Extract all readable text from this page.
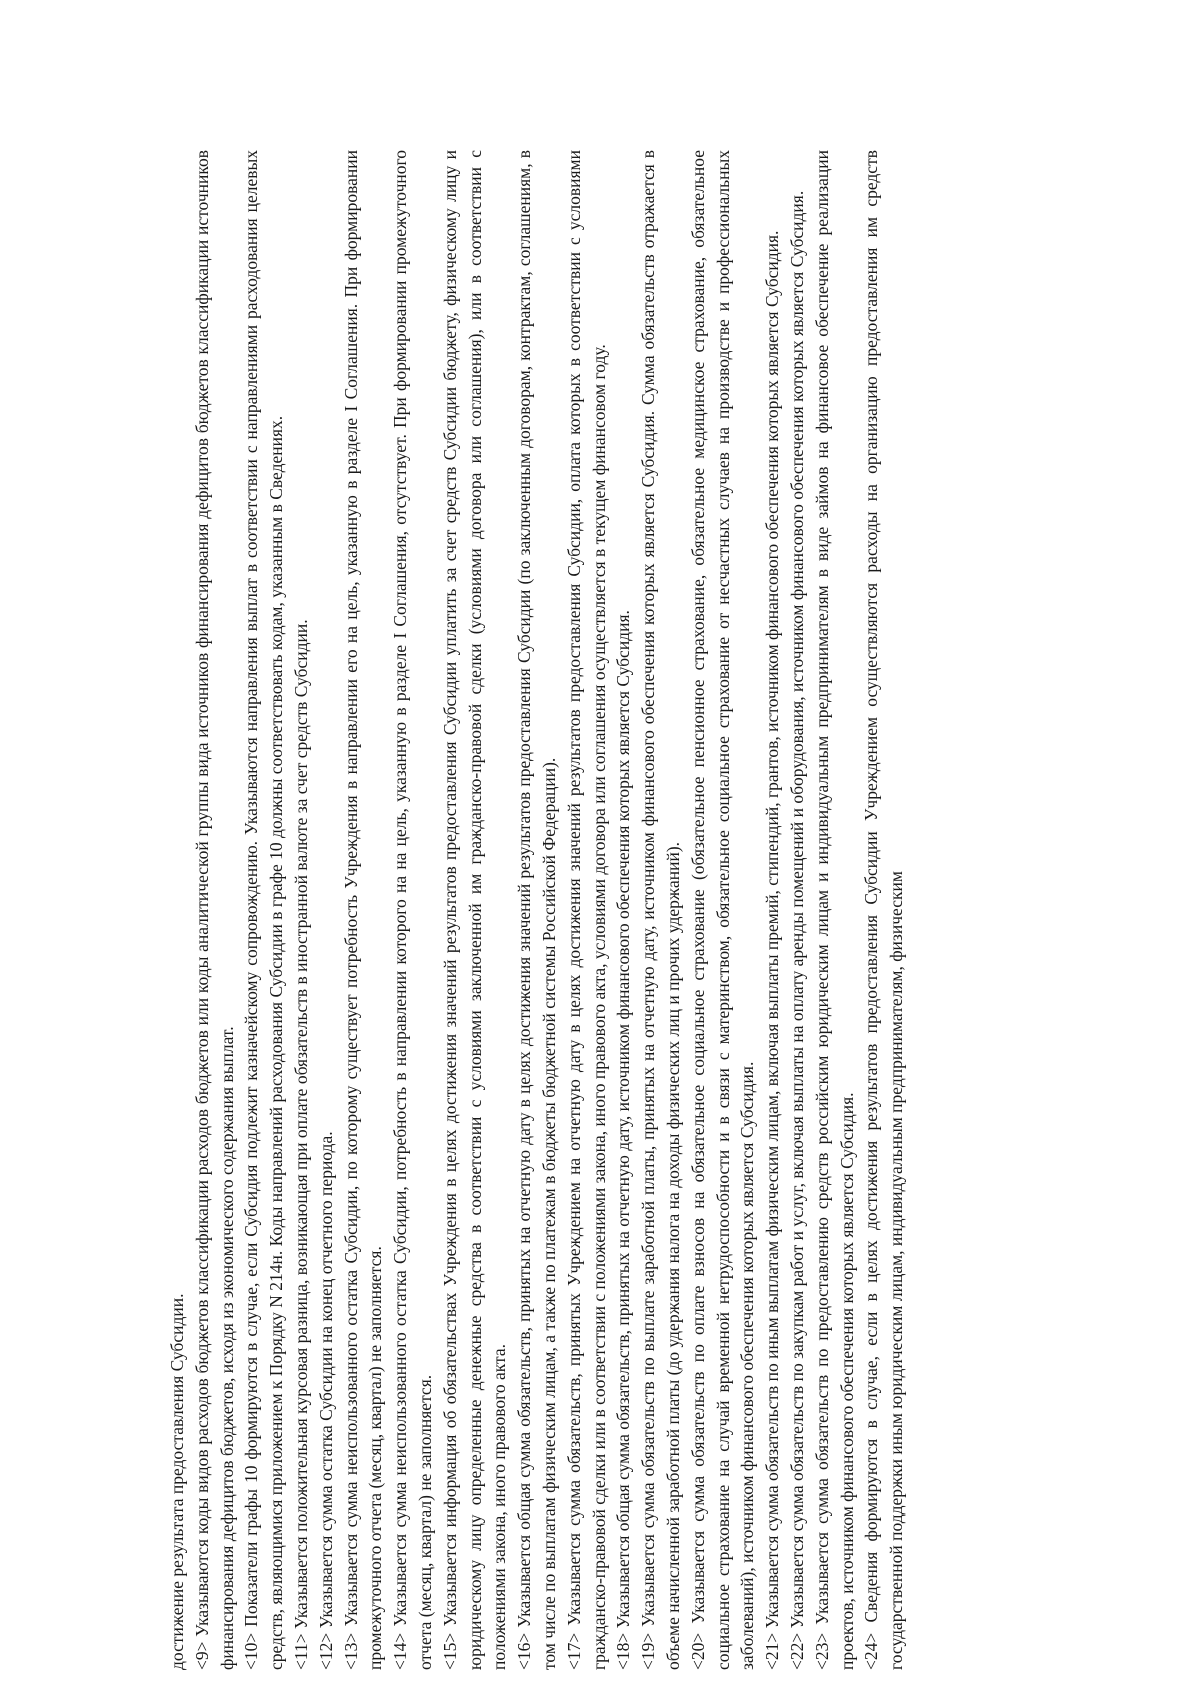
достижение результата предоставления Субсидии. <9> Указываются коды видов расходов бюджетов классификации расходов бюджетов или коды аналитической группы вида источников финансирования дефицитов бюджетов классификации источников финансирования дефицитов бюджетов, исходя из экономического содержания выплат. <10> Показатели графы 10 формируются в случае, если Субсидия подлежит казначейскому сопровождению. Указываются направления выплат в соответствии с направлениями расходования целевых средств, являющимися приложением к Порядку N 214н. Коды направлений расходования Субсидии в графе 10 должны соответствовать кодам, указанным в Сведениях. <11> Указывается положительная курсовая разница, возникающая при оплате обязательств в иностранной валюте за счет средств Субсидии. <12> Указывается сумма остатка Субсидии на конец отчетного периода. <13> Указывается сумма неиспользованного остатка Субсидии, по которому существует потребность Учреждения в направлении его на цель, указанную в разделе I Соглашения. При формировании промежуточного отчета (месяц, квартал) не заполняется. <14> Указывается сумма неиспользованного остатка Субсидии, потребность в направлении которого на на цель, указанную в разделе I Соглашения, отсутствует. При формировании промежуточного отчета (месяц, квартал) не заполняется. <15> Указывается информация об обязательствах Учреждения в целях достижения значений результатов предоставления Субсидии уплатить за счет средств Субсидии бюджету, физическому лицу и юридическому лицу определенные денежные средства в соответствии с условиями заключенной им гражданско-правовой сделки (условиями договора или соглашения), или в соответствии с положениями закона, иного правового акта. <16> Указывается общая сумма обязательств, принятых на отчетную дату в целях достижения значений результатов предоставления Субсидии (по заключенным договорам, контрактам, соглашениям, в том числе по выплатам физическим лицам, а также по платежам в бюджеты бюджетной системы Российской Федерации). <17> Указывается сумма обязательств, принятых Учреждением на отчетную дату в целях достижения значений результатов предоставления Субсидии, оплата которых в соответствии с условиями гражданско-правовой сделки или в соответствии с положениями закона, иного правового акта, условиями договора или соглашения осуществляется в текущем финансовом году. <18> Указывается общая сумма обязательств, принятых на отчетную дату, источником финансового обеспечения которых является Субсидия. <19> Указывается сумма обязательств по выплате заработной платы, принятых на отчетную дату, источником финансового обеспечения которых является Субсидия. Сумма обязательств отражается в объеме начисленной заработной платы (до удержания налога на доходы физических лиц и прочих удержаний). <20> Указывается сумма обязательств по оплате взносов на обязательное социальное страхование (обязательное пенсионное страхование, обязательное медицинское страхование, обязательное социальное страхование на случай временной нетрудоспособности и в связи с материнством, обязательное социальное страхование от несчастных случаев на производстве и профессиональных заболеваний), источником финансового обеспечения которых является Субсидия. <21> Указывается сумма обязательств по иным выплатам физическим лицам, включая выплаты премий, стипендий, грантов, источником финансового обеспечения которых является Субсидия. <22> Указывается сумма обязательств по закупкам работ и услуг, включая выплаты на оплату аренды помещений и оборудования, источником финансового обеспечения которых является Субсидия. <23> Указывается сумма обязательств по предоставлению средств российским юридическим лицам и индивидуальным предпринимателям в виде займов на финансовое обеспечение реализации проектов, источником финансового обеспечения которых является Субсидия. <24> Сведения формируются в случае, если в целях достижения результатов предоставления Субсидии Учреждением осуществляются расходы на организацию предоставления им средств государственной поддержки иным юридическим лицам, индивидуальным предпринимателям, физическим
